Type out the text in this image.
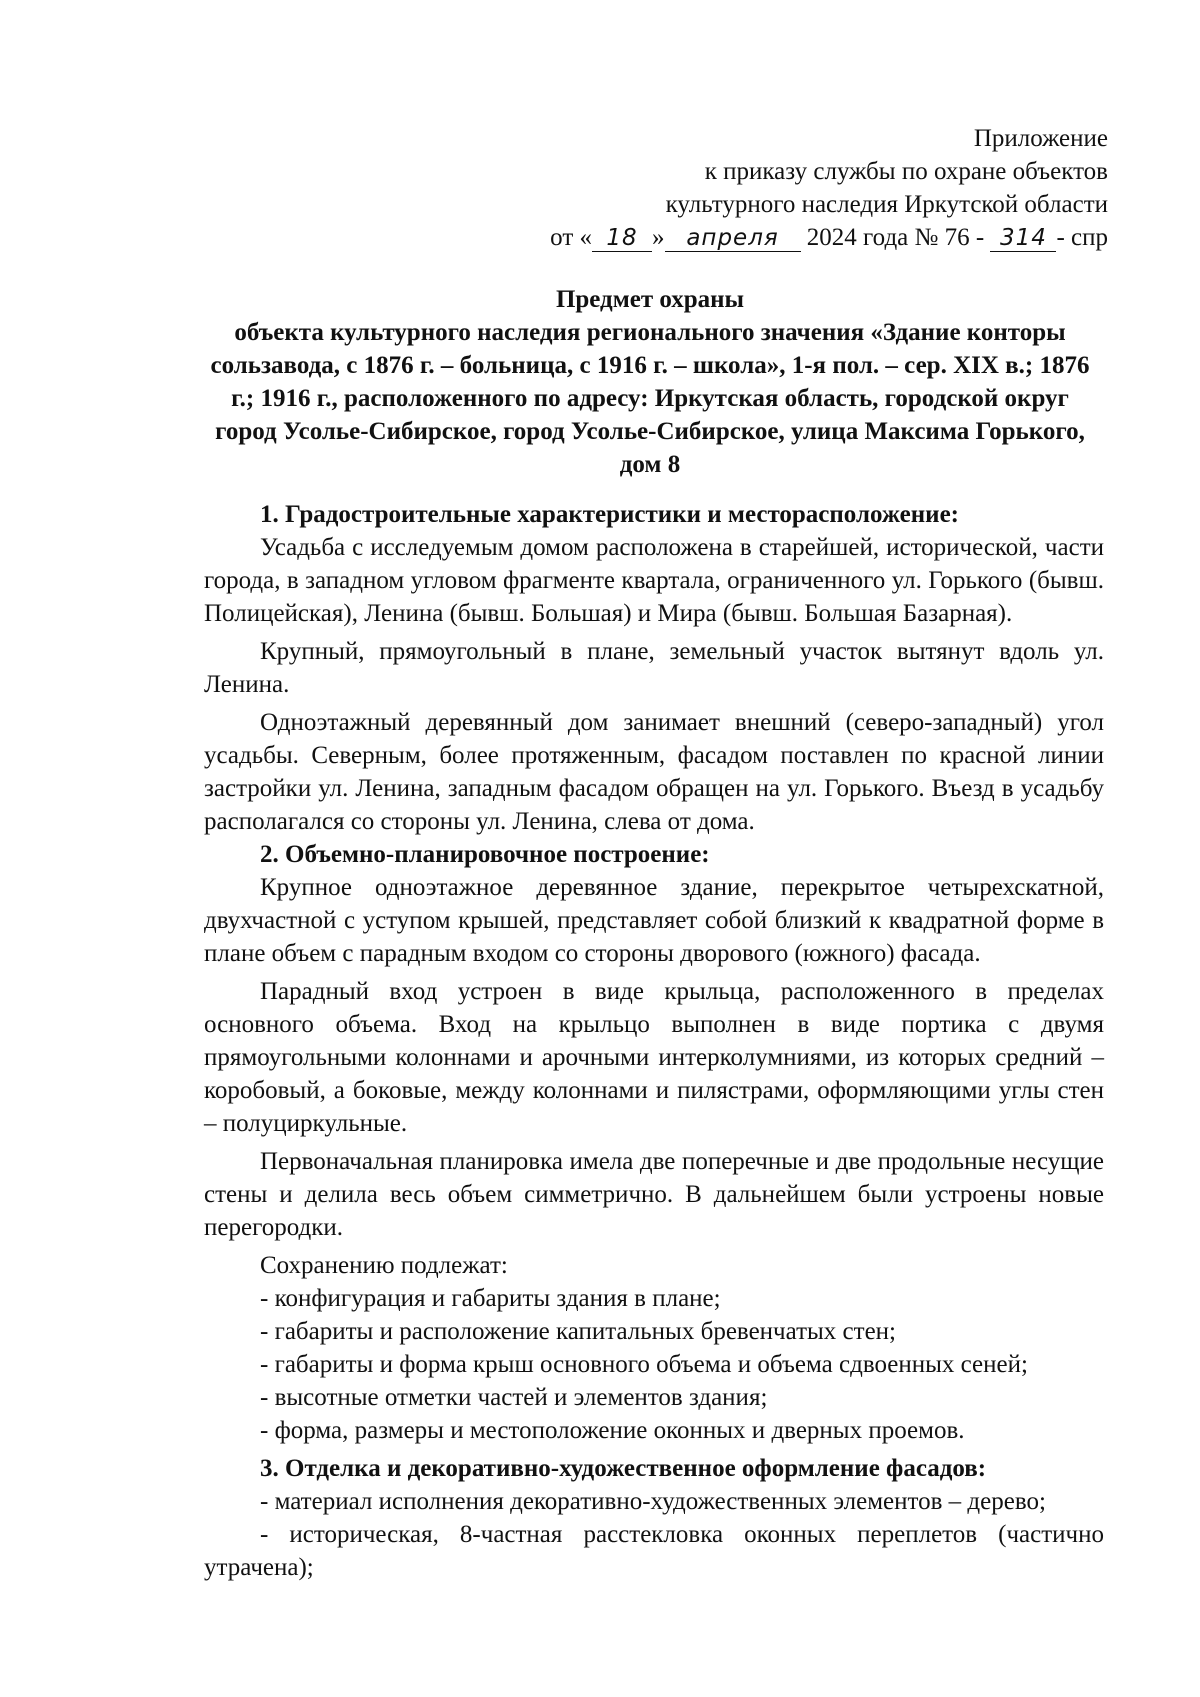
Приложение
к приказу службы по охране объектов
культурного наследия Иркутской области
от « 18 » апреля 2024 года № 76 - 314 - спр
Предмет охраны
объекта культурного наследия регионального значения «Здание конторы сользавода, с 1876 г. – больница, с 1916 г. – школа», 1-я пол. – сер. XIX в.; 1876 г.; 1916 г., расположенного по адресу: Иркутская область, городской округ город Усолье-Сибирское, город Усолье-Сибирское, улица Максима Горького, дом 8

1. Градостроительные характеристики и месторасположение:

Усадьба с исследуемым домом расположена в старейшей, исторической, части города, в западном угловом фрагменте квартала, ограниченного ул. Горького (бывш. Полицейская), Ленина (бывш. Большая) и Мира (бывш. Большая Базарная).

Крупный, прямоугольный в плане, земельный участок вытянут вдоль ул. Ленина.

Одноэтажный деревянный дом занимает внешний (северо-западный) угол усадьбы. Северным, более протяженным, фасадом поставлен по красной линии застройки ул. Ленина, западным фасадом обращен на ул. Горького. Въезд в усадьбу располагался со стороны ул. Ленина, слева от дома.

2. Объемно-планировочное построение:

Крупное одноэтажное деревянное здание, перекрытое четырехскатной, двухчастной с уступом крышей, представляет собой близкий к квадратной форме в плане объем с парадным входом со стороны дворового (южного) фасада.

Парадный вход устроен в виде крыльца, расположенного в пределах основного объема. Вход на крыльцо выполнен в виде портика с двумя прямоугольными колоннами и арочными интерколумниями, из которых средний – коробовый, а боковые, между колоннами и пилястрами, оформляющими углы стен – полуциркульные.

Первоначальная планировка имела две поперечные и две продольные несущие стены и делила весь объем симметрично. В дальнейшем были устроены новые перегородки.

Сохранению подлежат:

- конфигурация и габариты здания в плане;

- габариты и расположение капитальных бревенчатых стен;

- габариты и форма крыш основного объема и объема сдвоенных сеней;

- высотные отметки частей и элементов здания;

- форма, размеры и местоположение оконных и дверных проемов.

3. Отделка и декоративно-художественное оформление фасадов:

- материал исполнения декоративно-художественных элементов – дерево;

- историческая, 8-частная расстекловка оконных переплетов (частично утрачена);
